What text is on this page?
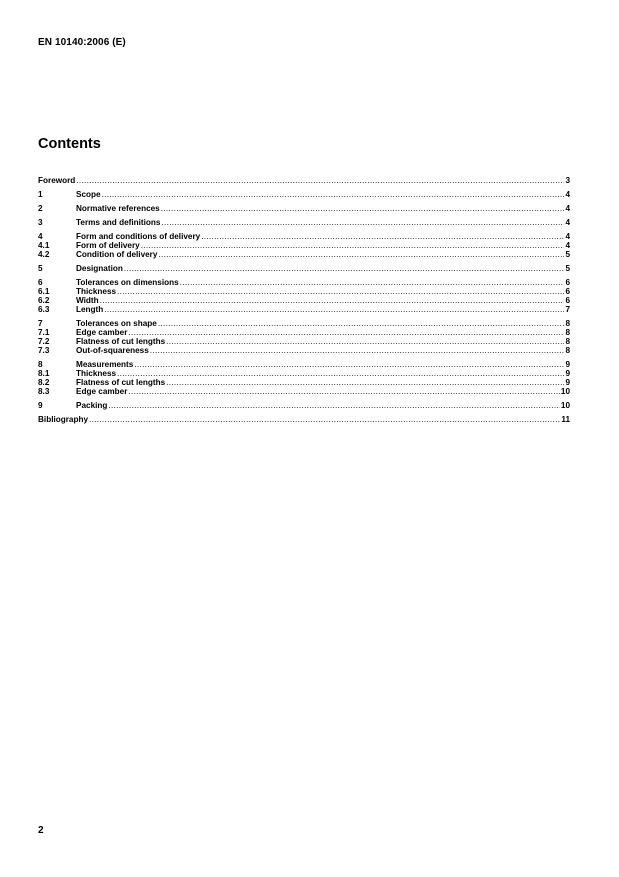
EN 10140:2006 (E)
Contents
Foreword .....	3
1	Scope .....	4
2	Normative references .....	4
3	Terms and definitions .....	4
4	Form and conditions of delivery .....	4
4.1	Form of delivery .....	4
4.2	Condition of delivery .....	5
5	Designation .....	5
6	Tolerances on dimensions .....	6
6.1	Thickness .....	6
6.2	Width .....	6
6.3	Length .....	7
7	Tolerances on shape .....	8
7.1	Edge camber .....	8
7.2	Flatness of cut lengths .....	8
7.3	Out-of-squareness .....	8
8	Measurements .....	9
8.1	Thickness .....	9
8.2	Flatness of cut lengths .....	9
8.3	Edge camber .....	10
9	Packing .....	10
Bibliography .....	11
2
